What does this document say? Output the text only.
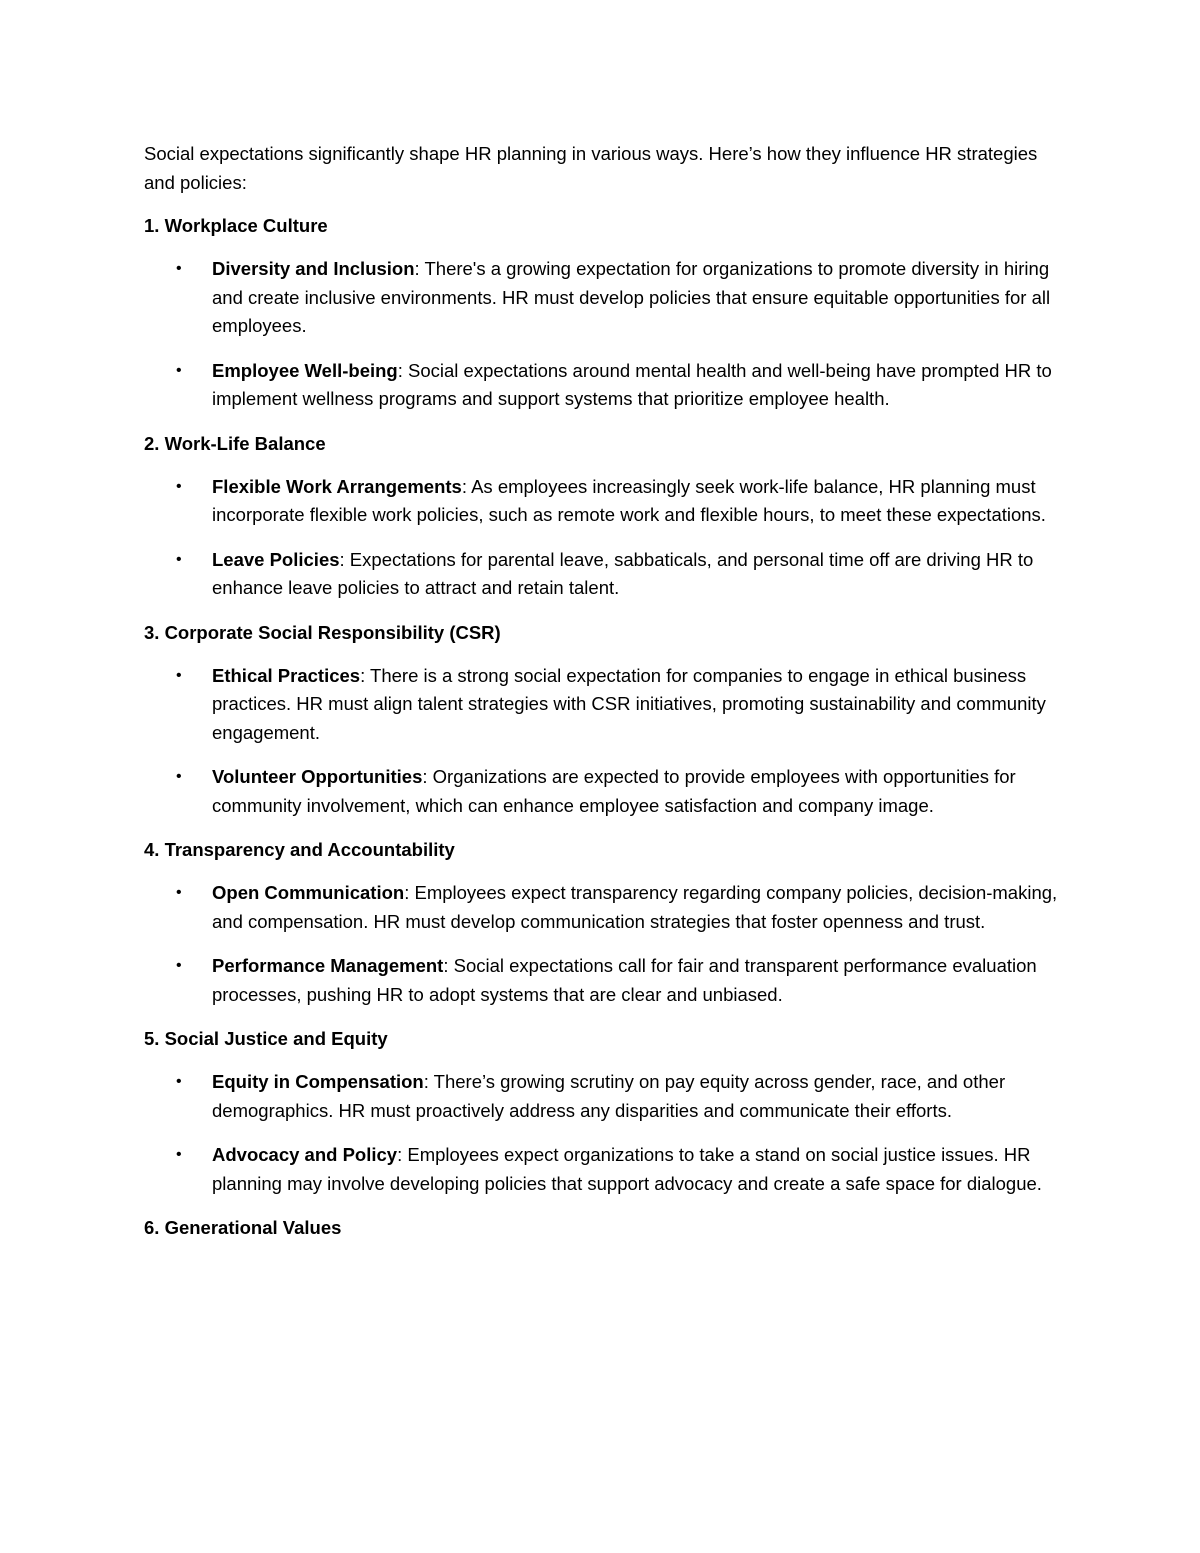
Social expectations significantly shape HR planning in various ways. Here’s how they influence HR strategies and policies:

1. Workplace Culture
• Diversity and Inclusion: There's a growing expectation for organizations to promote diversity in hiring and create inclusive environments. HR must develop policies that ensure equitable opportunities for all employees.
• Employee Well-being: Social expectations around mental health and well-being have prompted HR to implement wellness programs and support systems that prioritize employee health.
2. Work-Life Balance
• Flexible Work Arrangements: As employees increasingly seek work-life balance, HR planning must incorporate flexible work policies, such as remote work and flexible hours, to meet these expectations.
• Leave Policies: Expectations for parental leave, sabbaticals, and personal time off are driving HR to enhance leave policies to attract and retain talent.
3. Corporate Social Responsibility (CSR)
• Ethical Practices: There is a strong social expectation for companies to engage in ethical business practices. HR must align talent strategies with CSR initiatives, promoting sustainability and community engagement.
• Volunteer Opportunities: Organizations are expected to provide employees with opportunities for community involvement, which can enhance employee satisfaction and company image.
4. Transparency and Accountability
• Open Communication: Employees expect transparency regarding company policies, decision-making, and compensation. HR must develop communication strategies that foster openness and trust.
• Performance Management: Social expectations call for fair and transparent performance evaluation processes, pushing HR to adopt systems that are clear and unbiased.
5. Social Justice and Equity
• Equity in Compensation: There’s growing scrutiny on pay equity across gender, race, and other demographics. HR must proactively address any disparities and communicate their efforts.
• Advocacy and Policy: Employees expect organizations to take a stand on social justice issues. HR planning may involve developing policies that support advocacy and create a safe space for dialogue.
6. Generational Values
